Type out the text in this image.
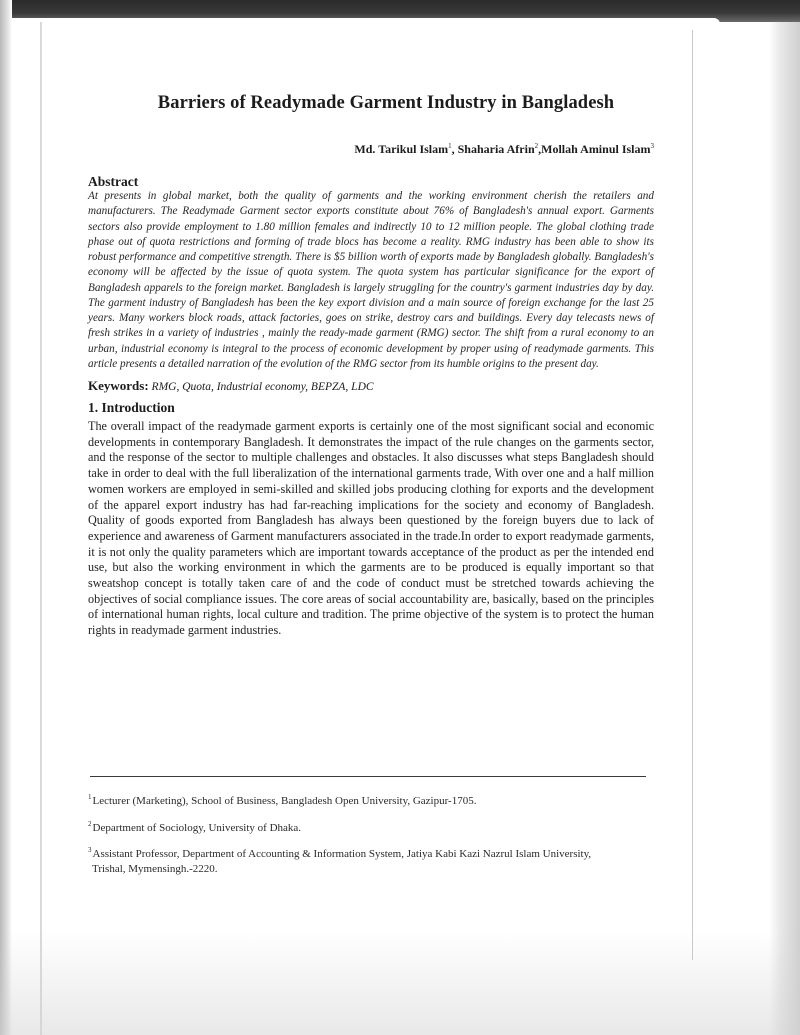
Barriers of Readymade Garment Industry in Bangladesh
Md. Tarikul Islam$^1$, Shaharia Afrin$^2$,Mollah Aminul Islam$^3$
Abstract

At presents in global market, both the quality of garments and the working environment cherish the retailers and manufacturers. The Readymade Garment sector exports constitute about 76% of Bangladesh's annual export. Garments sectors also provide employment to 1.80 million females and indirectly 10 to 12 million people. The global clothing trade phase out of quota restrictions and forming of trade blocs has become a reality. RMG industry has been able to show its robust performance and competitive strength. There is $5 billion worth of exports made by Bangladesh globally. Bangladesh's economy will be affected by the issue of quota system. The quota system has particular significance for the export of Bangladesh apparels to the foreign market. Bangladesh is largely struggling for the country's garment industries day by day. The garment industry of Bangladesh has been the key export division and a main source of foreign exchange for the last 25 years. Many workers block roads, attack factories, goes on strike, destroy cars and buildings. Every day telecasts news of fresh strikes in a variety of industries , mainly the ready-made garment (RMG) sector. The shift from a rural economy to an urban, industrial economy is integral to the process of economic development by proper using of readymade garments. This article presents a detailed narration of the evolution of the RMG sector from its humble origins to the present day.

Keywords: RMG, Quota, Industrial economy, BEPZA, LDC
1. Introduction

The overall impact of the readymade garment exports is certainly one of the most significant social and economic developments in contemporary Bangladesh. It demonstrates the impact of the rule changes on the garments sector, and the response of the sector to multiple challenges and obstacles. It also discusses what steps Bangladesh should take in order to deal with the full liberalization of the international garments trade, With over one and a half million women workers are employed in semi-skilled and skilled jobs producing clothing for exports and the development of the apparel export industry has had far-reaching implications for the society and economy of Bangladesh. Quality of goods exported from Bangladesh has always been questioned by the foreign buyers due to lack of experience and awareness of Garment manufacturers associated in the trade.In order to export readymade garments, it is not only the quality parameters which are important towards acceptance of the product as per the intended end use, but also the working environment in which the garments are to be produced is equally important so that sweatshop concept is totally taken care of and the code of conduct must be stretched towards achieving the objectives of social compliance issues. The core areas of social accountability are, basically, based on the principles of international human rights, local culture and tradition. The prime objective of the system is to protect the human rights in readymade garment industries.

$^1$Lecturer (Marketing), School of Business, Bangladesh Open University, Gazipur-1705.

$^2$Department of Sociology, University of Dhaka.

$^3$Assistant Professor, Department of Accounting & Information System, Jatiya Kabi Kazi Nazrul Islam University,
Trishal, Mymensingh.-2220.
